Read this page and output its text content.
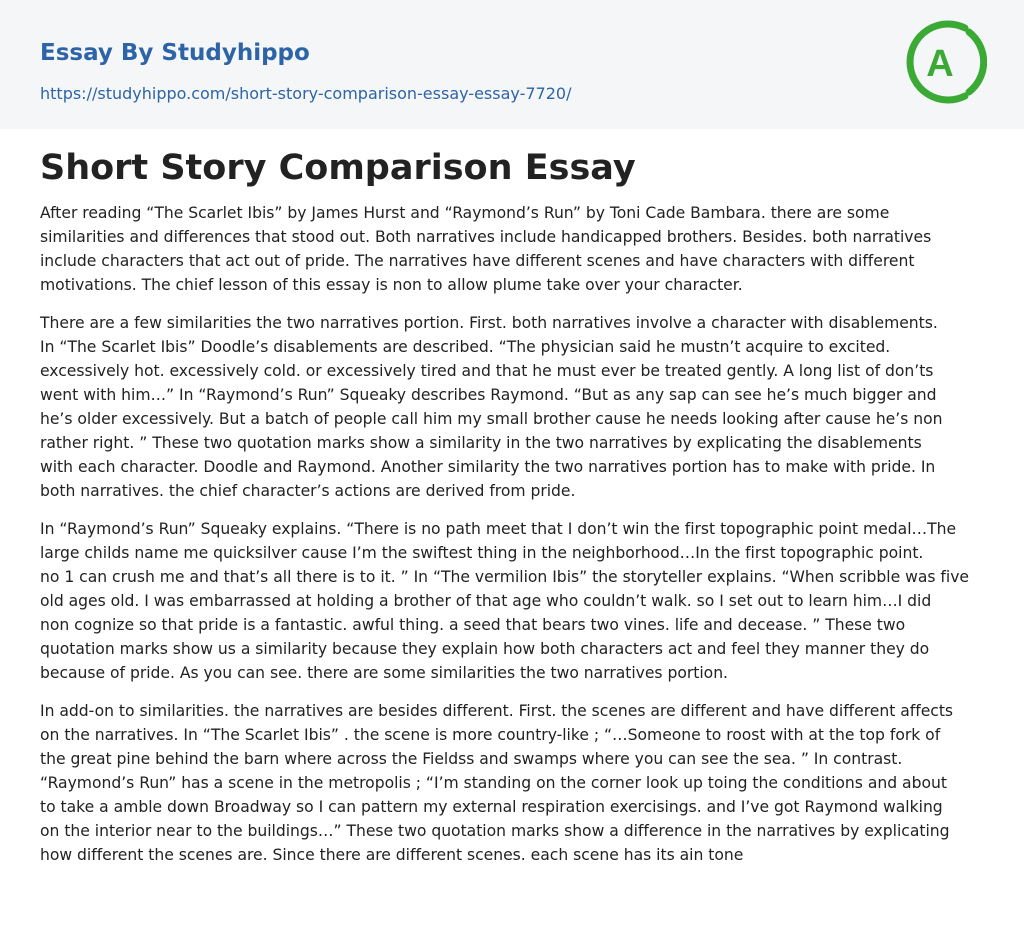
Essay By Studyhippo
https://studyhippo.com/short-story-comparison-essay-essay-7720/
A
Short Story Comparison Essay

After reading “The Scarlet Ibis” by James Hurst and “Raymond’s Run” by Toni Cade Bambara. there are some
similarities and differences that stood out. Both narratives include handicapped brothers. Besides. both narratives
include characters that act out of pride. The narratives have different scenes and have characters with different
motivations. The chief lesson of this essay is non to allow plume take over your character.

There are a few similarities the two narratives portion. First. both narratives involve a character with disablements.
In “The Scarlet Ibis” Doodle’s disablements are described. “The physician said he mustn’t acquire to excited.
excessively hot. excessively cold. or excessively tired and that he must ever be treated gently. A long list of don’ts
went with him…” In “Raymond’s Run” Squeaky describes Raymond. “But as any sap can see he’s much bigger and
he’s older excessively. But a batch of people call him my small brother cause he needs looking after cause he’s non
rather right. ” These two quotation marks show a similarity in the two narratives by explicating the disablements
with each character. Doodle and Raymond. Another similarity the two narratives portion has to make with pride. In
both narratives. the chief character’s actions are derived from pride.

In “Raymond’s Run” Squeaky explains. “There is no path meet that I don’t win the first topographic point medal…The
large childs name me quicksilver cause I’m the swiftest thing in the neighborhood…In the first topographic point.
no 1 can crush me and that’s all there is to it. ” In “The vermilion Ibis” the storyteller explains. “When scribble was five
old ages old. I was embarrassed at holding a brother of that age who couldn’t walk. so I set out to learn him…I did
non cognize so that pride is a fantastic. awful thing. a seed that bears two vines. life and decease. ” These two
quotation marks show us a similarity because they explain how both characters act and feel they manner they do
because of pride. As you can see. there are some similarities the two narratives portion.

In add-on to similarities. the narratives are besides different. First. the scenes are different and have different affects
on the narratives. In “The Scarlet Ibis” . the scene is more country-like ; “…Someone to roost with at the top fork of
the great pine behind the barn where across the Fieldss and swamps where you can see the sea. ” In contrast.
“Raymond’s Run” has a scene in the metropolis ; “I’m standing on the corner look up toing the conditions and about
to take a amble down Broadway so I can pattern my external respiration exercisings. and I’ve got Raymond walking
on the interior near to the buildings…” These two quotation marks show a difference in the narratives by explicating
how different the scenes are. Since there are different scenes. each scene has its ain tone
